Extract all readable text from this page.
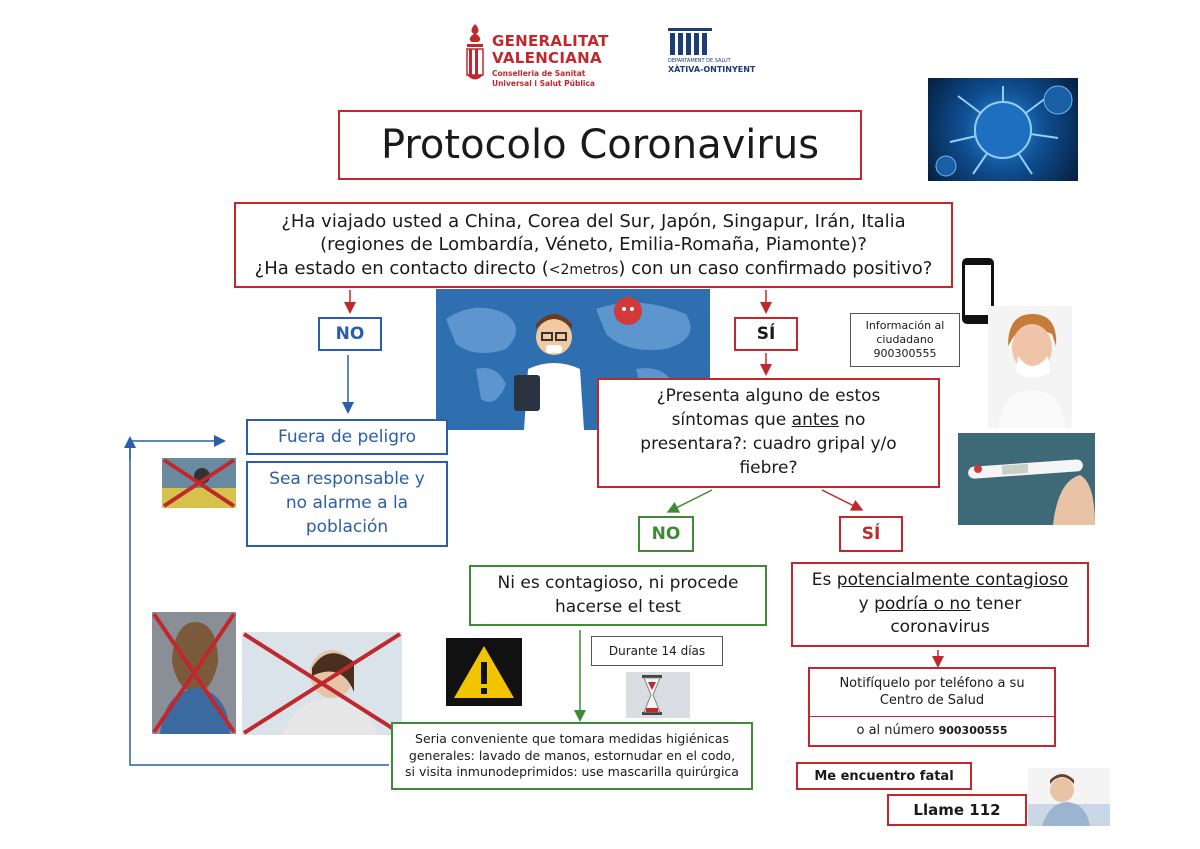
GENERALITAT
VALENCIANA
Conselleria de Sanitat
Universal i Salut Pública
DEPARTAMENT DE SALUT
XÀTIVA-ONTINYENT
Protocolo Coronavirus
¿Ha viajado usted a China, Corea del Sur, Japón, Singapur, Irán, Italia
(regiones de Lombardía, Véneto, Emilia-Romaña, Piamonte)?
¿Ha estado en contacto directo (<2metros) con un caso confirmado positivo?
NO	SÍ	Información al
ciudadano
900300555
Fuera de peligro
Sea responsable y
no alarme a la
población
¿Presenta alguno de estos
síntomas que antes no
presentara?: cuadro gripal y/o
fiebre?
NO	SÍ
Ni es contagioso, ni procede
hacerse el test
Es potencialmente contagioso
y podría o no tener
coronavirus
Durante 14 días
Notifíquelo por teléfono a su
Centro de Salud
o al número
900300555
Seria conveniente que tomara medidas higiénicas
generales: lavado de manos, estornudar en el codo,
si visita inmunodeprimidos: use mascarilla quirúrgica	Me encuentro fatal
Llame 112
